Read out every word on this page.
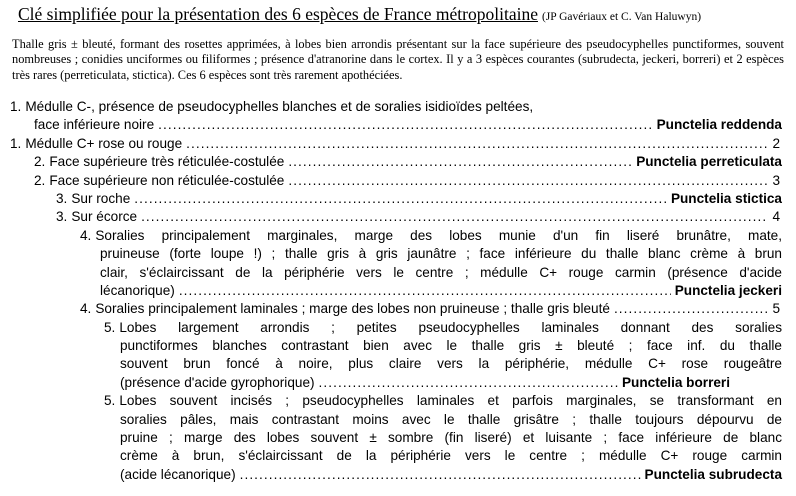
Clé simplifiée pour la présentation des 6 espèces de France métropolitaine (JP Gavériaux et C. Van Haluwyn)
Thalle gris ± bleuté, formant des rosettes apprimées, à lobes bien arrondis présentant sur la face supérieure des pseudocyphelles punctiformes, souvent nombreuses ; conidies unciformes ou filiformes ; présence d'atranorine dans le cortex. Il y a 3 espèces courantes (subrudecta, jeckeri, borreri) et 2 espèces très rares (perreticulata, stictica). Ces 6 espèces sont très rarement apothéciées.
1. Médulle C-, présence de pseudocyphelles blanches et de soralies isidioïdes peltées,
face inférieure noire . . .	Punctelia reddenda
1. Médulle C+ rose ou rouge . . .	2
2. Face supérieure très réticulée-costulée . . .	Punctelia perreticulata
2. Face supérieure non réticulée-costulée . . .	3
3. Sur roche . . .	Punctelia stictica
3. Sur écorce . . .	4
4. Soralies principalement marginales, marge des lobes munie d'un fin liseré brunâtre, mate,
pruineuse (forte loupe !) ; thalle gris à gris jaunâtre ; face inférieure du thalle blanc crème à brun
clair, s'éclaircissant de la périphérie vers le centre ; médulle C+ rouge carmin (présence d'acide
lécanorique) . . .	Punctelia jeckeri
4. Soralies principalement laminales ; marge des lobes non pruineuse ; thalle gris bleuté . . .	5
5. Lobes largement arrondis ; petites pseudocyphelles laminales donnant des soralies
punctiformes blanches contrastant bien avec le thalle gris ± bleuté ; face inf. du thalle
souvent brun foncé à noire, plus claire vers la périphérie, médulle C+ rose rougeâtre
(présence d'acide gyrophorique) . . .	Punctelia borreri
5. Lobes souvent incisés ; pseudocyphelles laminales et parfois marginales, se transformant en
soralies pâles, mais contrastant moins avec le thalle grisâtre ; thalle toujours dépourvu de
pruine ; marge des lobes souvent ± sombre (fin liseré) et luisante ; face inférieure de blanc
crème à brun, s'éclaircissant de la périphérie vers le centre ; médulle C+ rouge carmin
(acide lécanorique) . . .	Punctelia subrudecta
